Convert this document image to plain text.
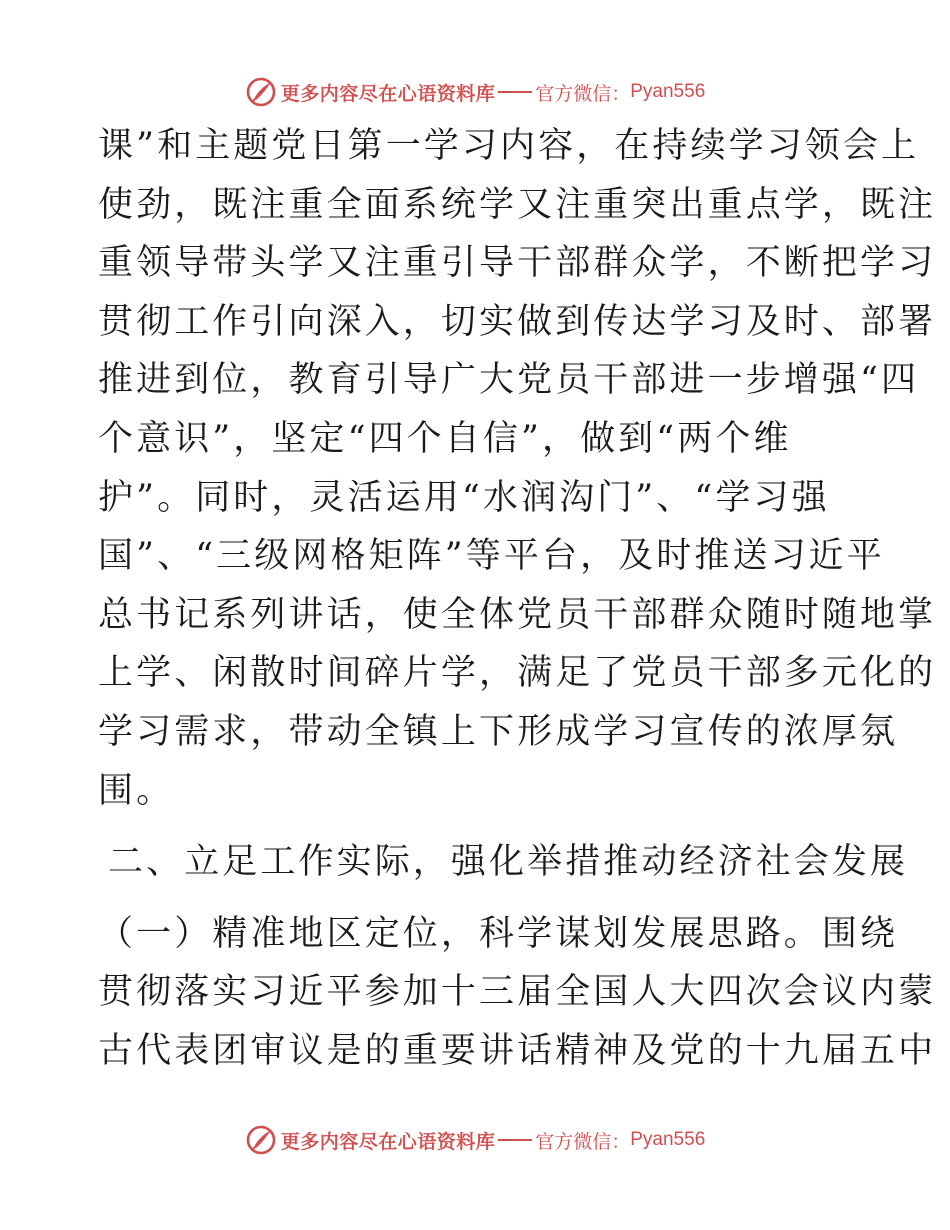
更多内容尽在心语资料库 官方微信： Pyan556
课”和主题党日第一学习内容，在持续学习领会上
使劲，既注重全面系统学又注重突出重点学，既注
重领导带头学又注重引导干部群众学，不断把学习
贯彻工作引向深入，切实做到传达学习及时、部署
推进到位，教育引导广大党员干部进一步增强“四
个意识”，坚定“四个自信”，做到“两个维
护”。同时，灵活运用“水润沟门”、“学习强
国”、“三级网格矩阵”等平台，及时推送习近平
总书记系列讲话，使全体党员干部群众随时随地掌
上学、闲散时间碎片学，满足了党员干部多元化的
学习需求，带动全镇上下形成学习宣传的浓厚氛
围。
二、立足工作实际，强化举措推动经济社会发展
（一）精准地区定位，科学谋划发展思路。围绕
贯彻落实习近平参加十三届全国人大四次会议内蒙
古代表团审议是的重要讲话精神及党的十九届五中
更多内容尽在心语资料库 官方微信： Pyan556
